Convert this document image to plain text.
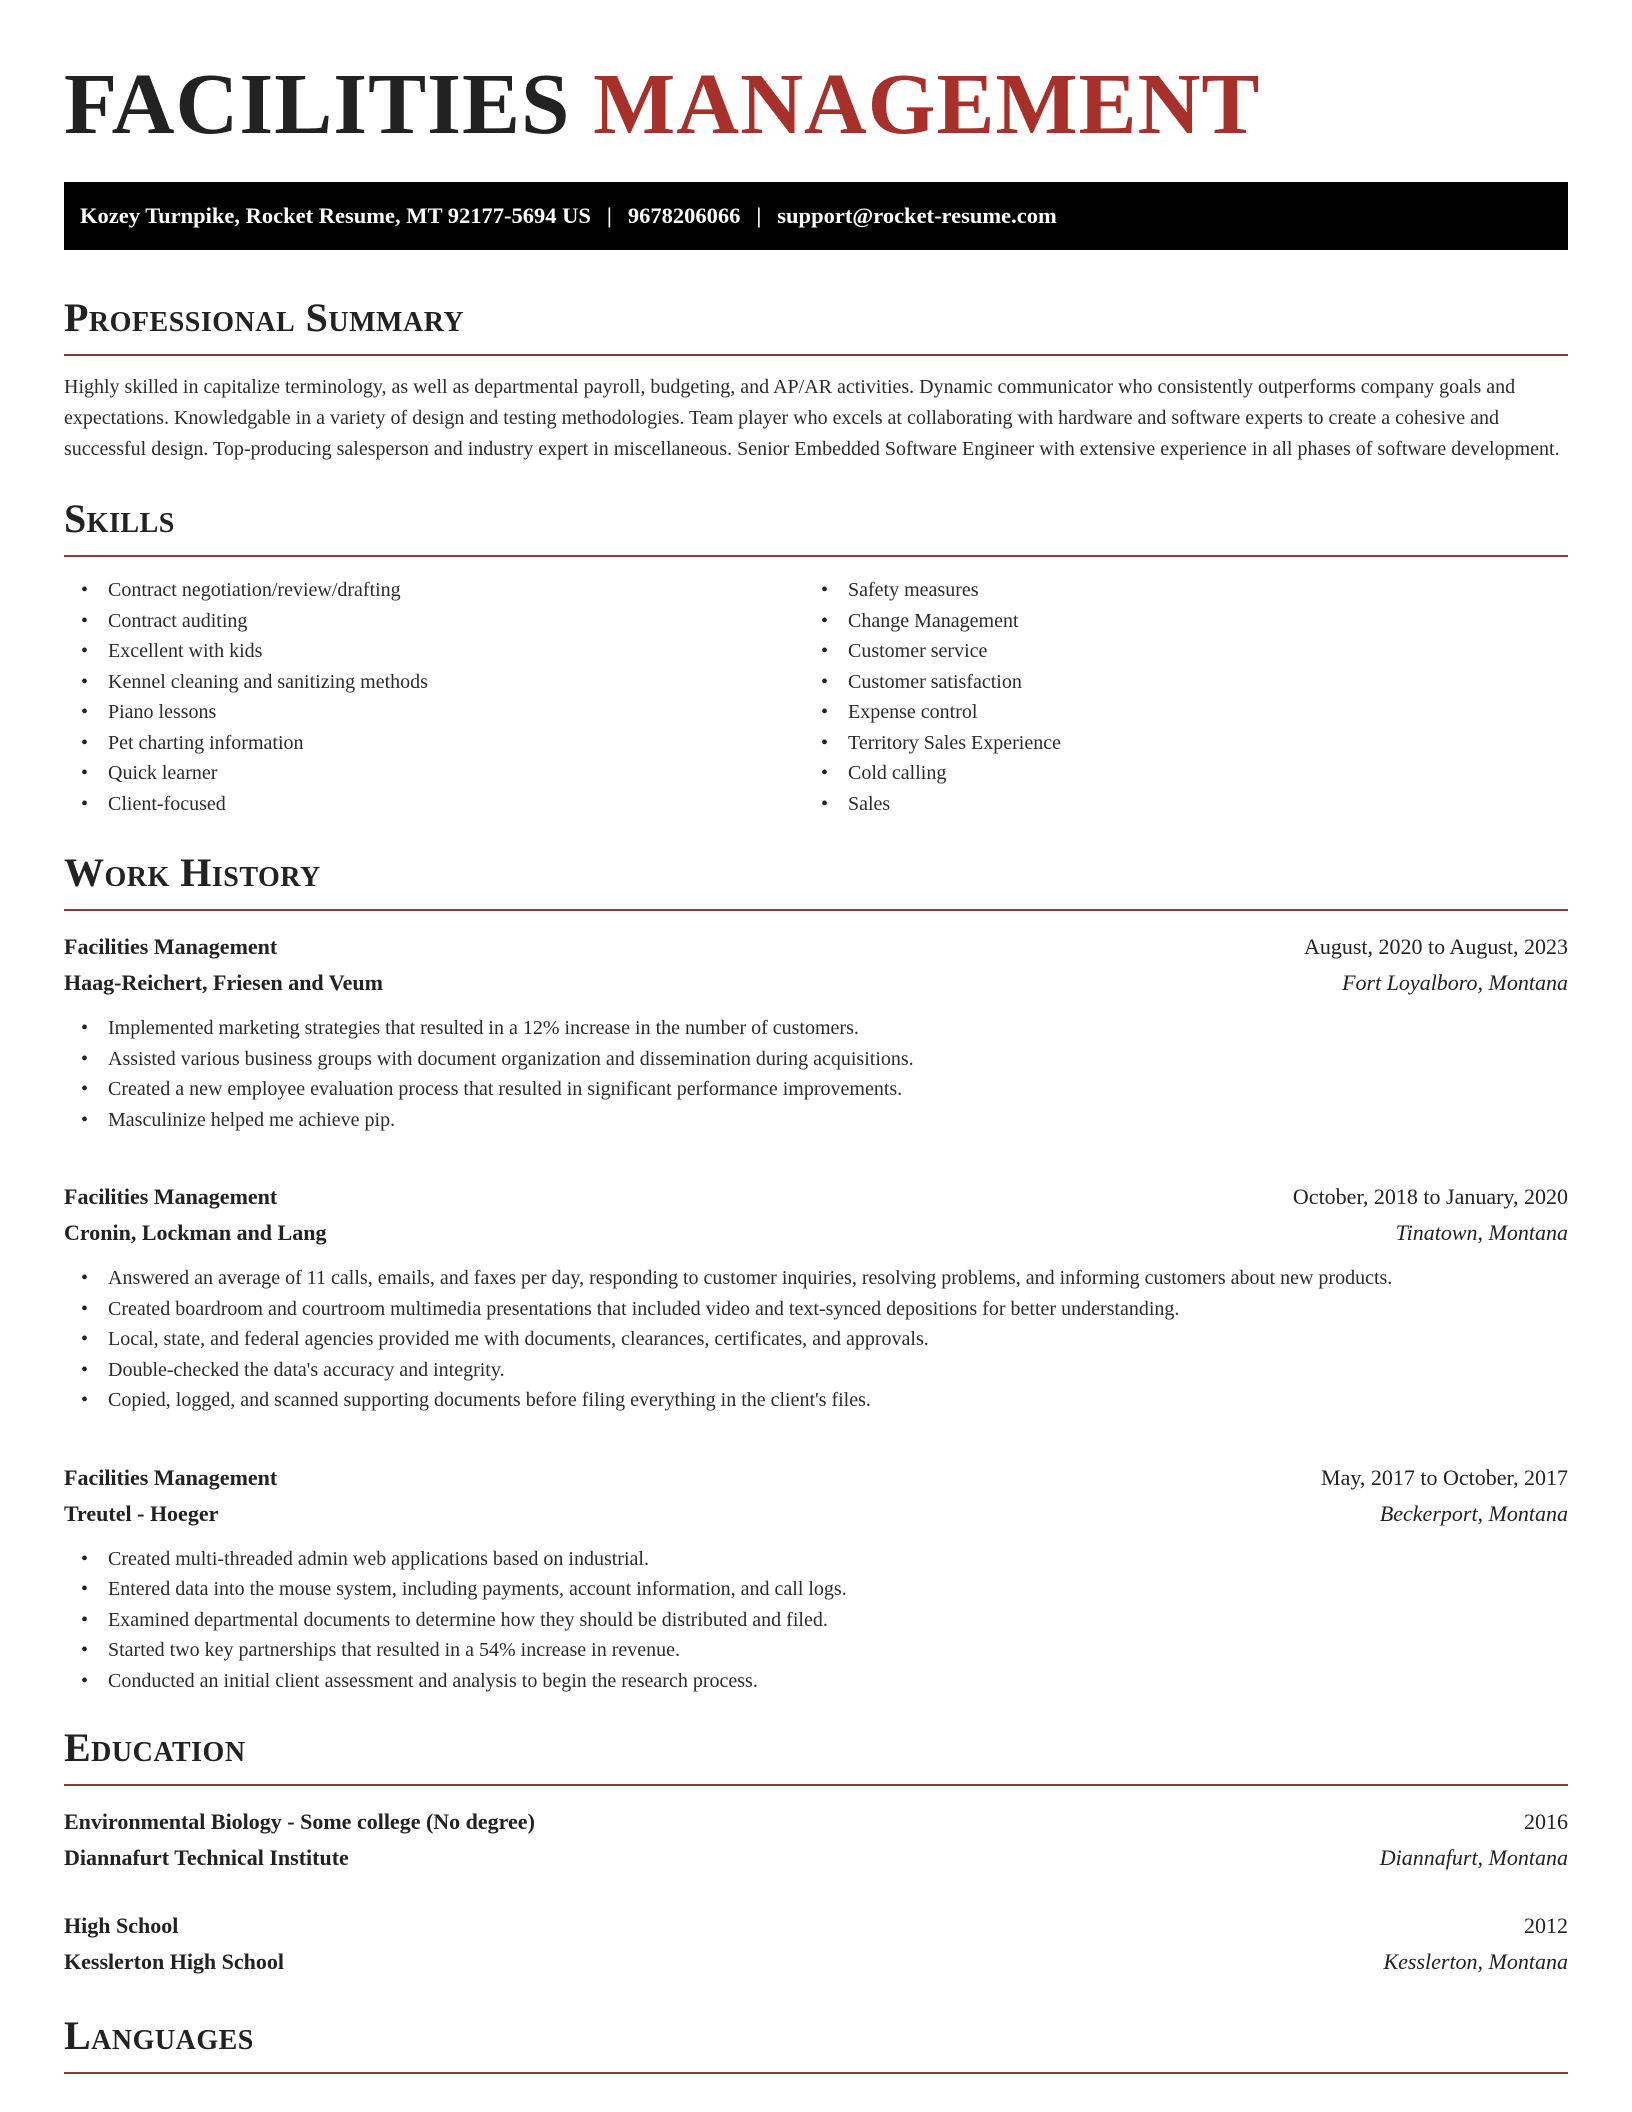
FACILITIES MANAGEMENT
Kozey Turnpike, Rocket Resume, MT 92177-5694 US | 9678206066 | support@rocket-resume.com
Professional Summary

Highly skilled in capitalize terminology, as well as departmental payroll, budgeting, and AP/AR activities. Dynamic communicator who consistently outperforms company goals and expectations. Knowledgable in a variety of design and testing methodologies. Team player who excels at collaborating with hardware and software experts to create a cohesive and successful design. Top-producing salesperson and industry expert in miscellaneous. Senior Embedded Software Engineer with extensive experience in all phases of software development.

Skills
• Contract negotiation/review/drafting
• Contract auditing
• Excellent with kids
• Kennel cleaning and sanitizing methods
• Piano lessons
• Pet charting information
• Quick learner
• Client-focused
• Safety measures
• Change Management
• Customer service
• Customer satisfaction
• Expense control
• Territory Sales Experience
• Cold calling
• Sales
Work History
Facilities Management	August, 2020 to August, 2023
Haag-Reichert, Friesen and Veum	Fort Loyalboro, Montana
• Implemented marketing strategies that resulted in a 12% increase in the number of customers.
• Assisted various business groups with document organization and dissemination during acquisitions.
• Created a new employee evaluation process that resulted in significant performance improvements.
• Masculinize helped me achieve pip.
Facilities Management	October, 2018 to January, 2020
Cronin, Lockman and Lang	Tinatown, Montana
• Answered an average of 11 calls, emails, and faxes per day, responding to customer inquiries, resolving problems, and informing customers about new products.
• Created boardroom and courtroom multimedia presentations that included video and text-synced depositions for better understanding.
• Local, state, and federal agencies provided me with documents, clearances, certificates, and approvals.
• Double-checked the data's accuracy and integrity.
• Copied, logged, and scanned supporting documents before filing everything in the client's files.
Facilities Management	May, 2017 to October, 2017
Treutel - Hoeger	Beckerport, Montana
• Created multi-threaded admin web applications based on industrial.
• Entered data into the mouse system, including payments, account information, and call logs.
• Examined departmental documents to determine how they should be distributed and filed.
• Started two key partnerships that resulted in a 54% increase in revenue.
• Conducted an initial client assessment and analysis to begin the research process.
Education
Environmental Biology - Some college (No degree)	2016
Diannafurt Technical Institute	Diannafurt, Montana
High School	2012
Kesslerton High School	Kesslerton, Montana
Languages
